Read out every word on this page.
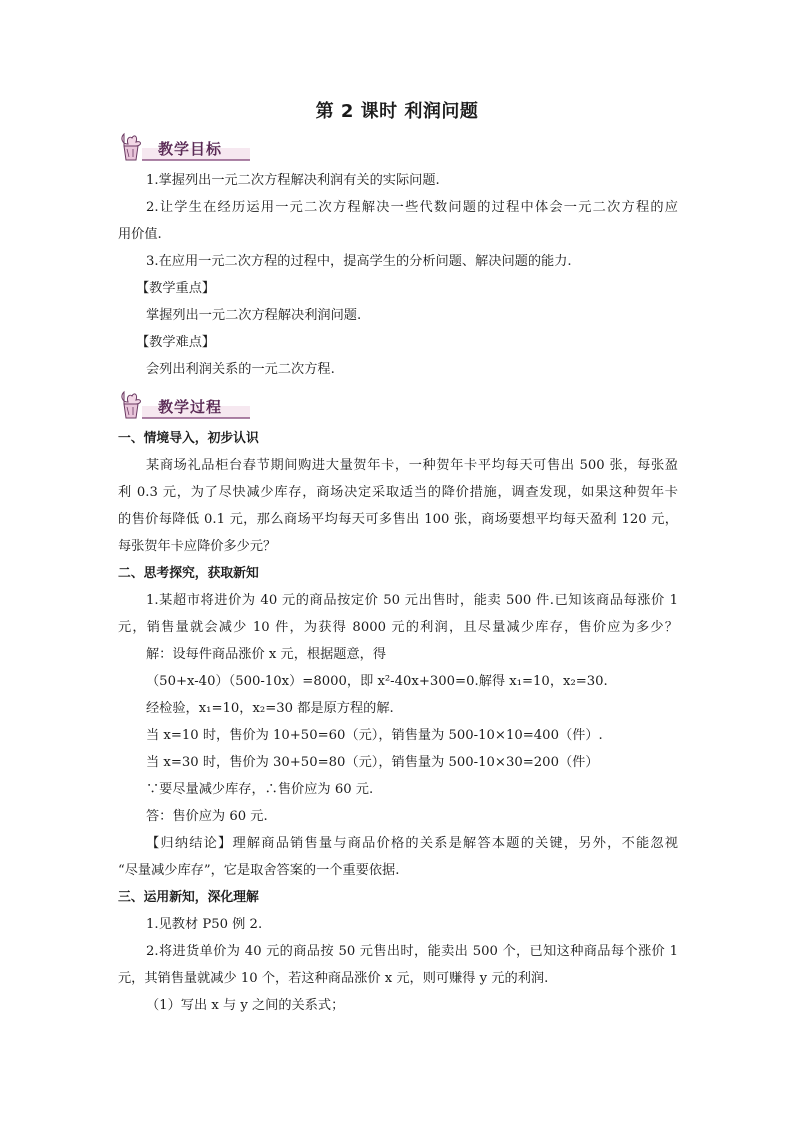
第 2 课时 利润问题
教学目标
1.掌握列出一元二次方程解决利润有关的实际问题.
2.让学生在经历运用一元二次方程解决一些代数问题的过程中体会一元二次方程的应
用价值.
3.在应用一元二次方程的过程中，提高学生的分析问题、解决问题的能力.
【教学重点】
掌握列出一元二次方程解决利润问题.
【教学难点】
会列出利润关系的一元二次方程.
教学过程
一、情境导入，初步认识
某商场礼品柜台春节期间购进大量贺年卡，一种贺年卡平均每天可售出 500 张，每张盈
利 0.3 元，为了尽快减少库存，商场决定采取适当的降价措施，调查发现，如果这种贺年卡
的售价每降低 0.1 元，那么商场平均每天可多售出 100 张，商场要想平均每天盈利 120 元，
每张贺年卡应降价多少元？
二、思考探究，获取新知
1.某超市将进价为 40 元的商品按定价 50 元出售时，能卖 500 件.已知该商品每涨价 1
元，销售量就会减少 10 件，为获得 8000 元的利润，且尽量减少库存，售价应为多少？
解：设每件商品涨价 x 元，根据题意，得
（50+x-40）（500-10x）=8000，即 x²-40x+300=0.解得 x₁=10，x₂=30.
经检验，x₁=10，x₂=30 都是原方程的解.
当 x=10 时，售价为 10+50=60（元），销售量为 500-10×10=400（件）.
当 x=30 时，售价为 30+50=80（元），销售量为 500-10×30=200（件）
∵要尽量减少库存，∴售价应为 60 元.
答：售价应为 60 元.
【归纳结论】理解商品销售量与商品价格的关系是解答本题的关键，另外，不能忽视
“尽量减少库存”，它是取舍答案的一个重要依据.
三、运用新知，深化理解
1.见教材 P50 例 2.
2.将进货单价为 40 元的商品按 50 元售出时，能卖出 500 个，已知这种商品每个涨价 1
元，其销售量就减少 10 个，若这种商品涨价 x 元，则可赚得 y 元的利润.
（1）写出 x 与 y 之间的关系式；
